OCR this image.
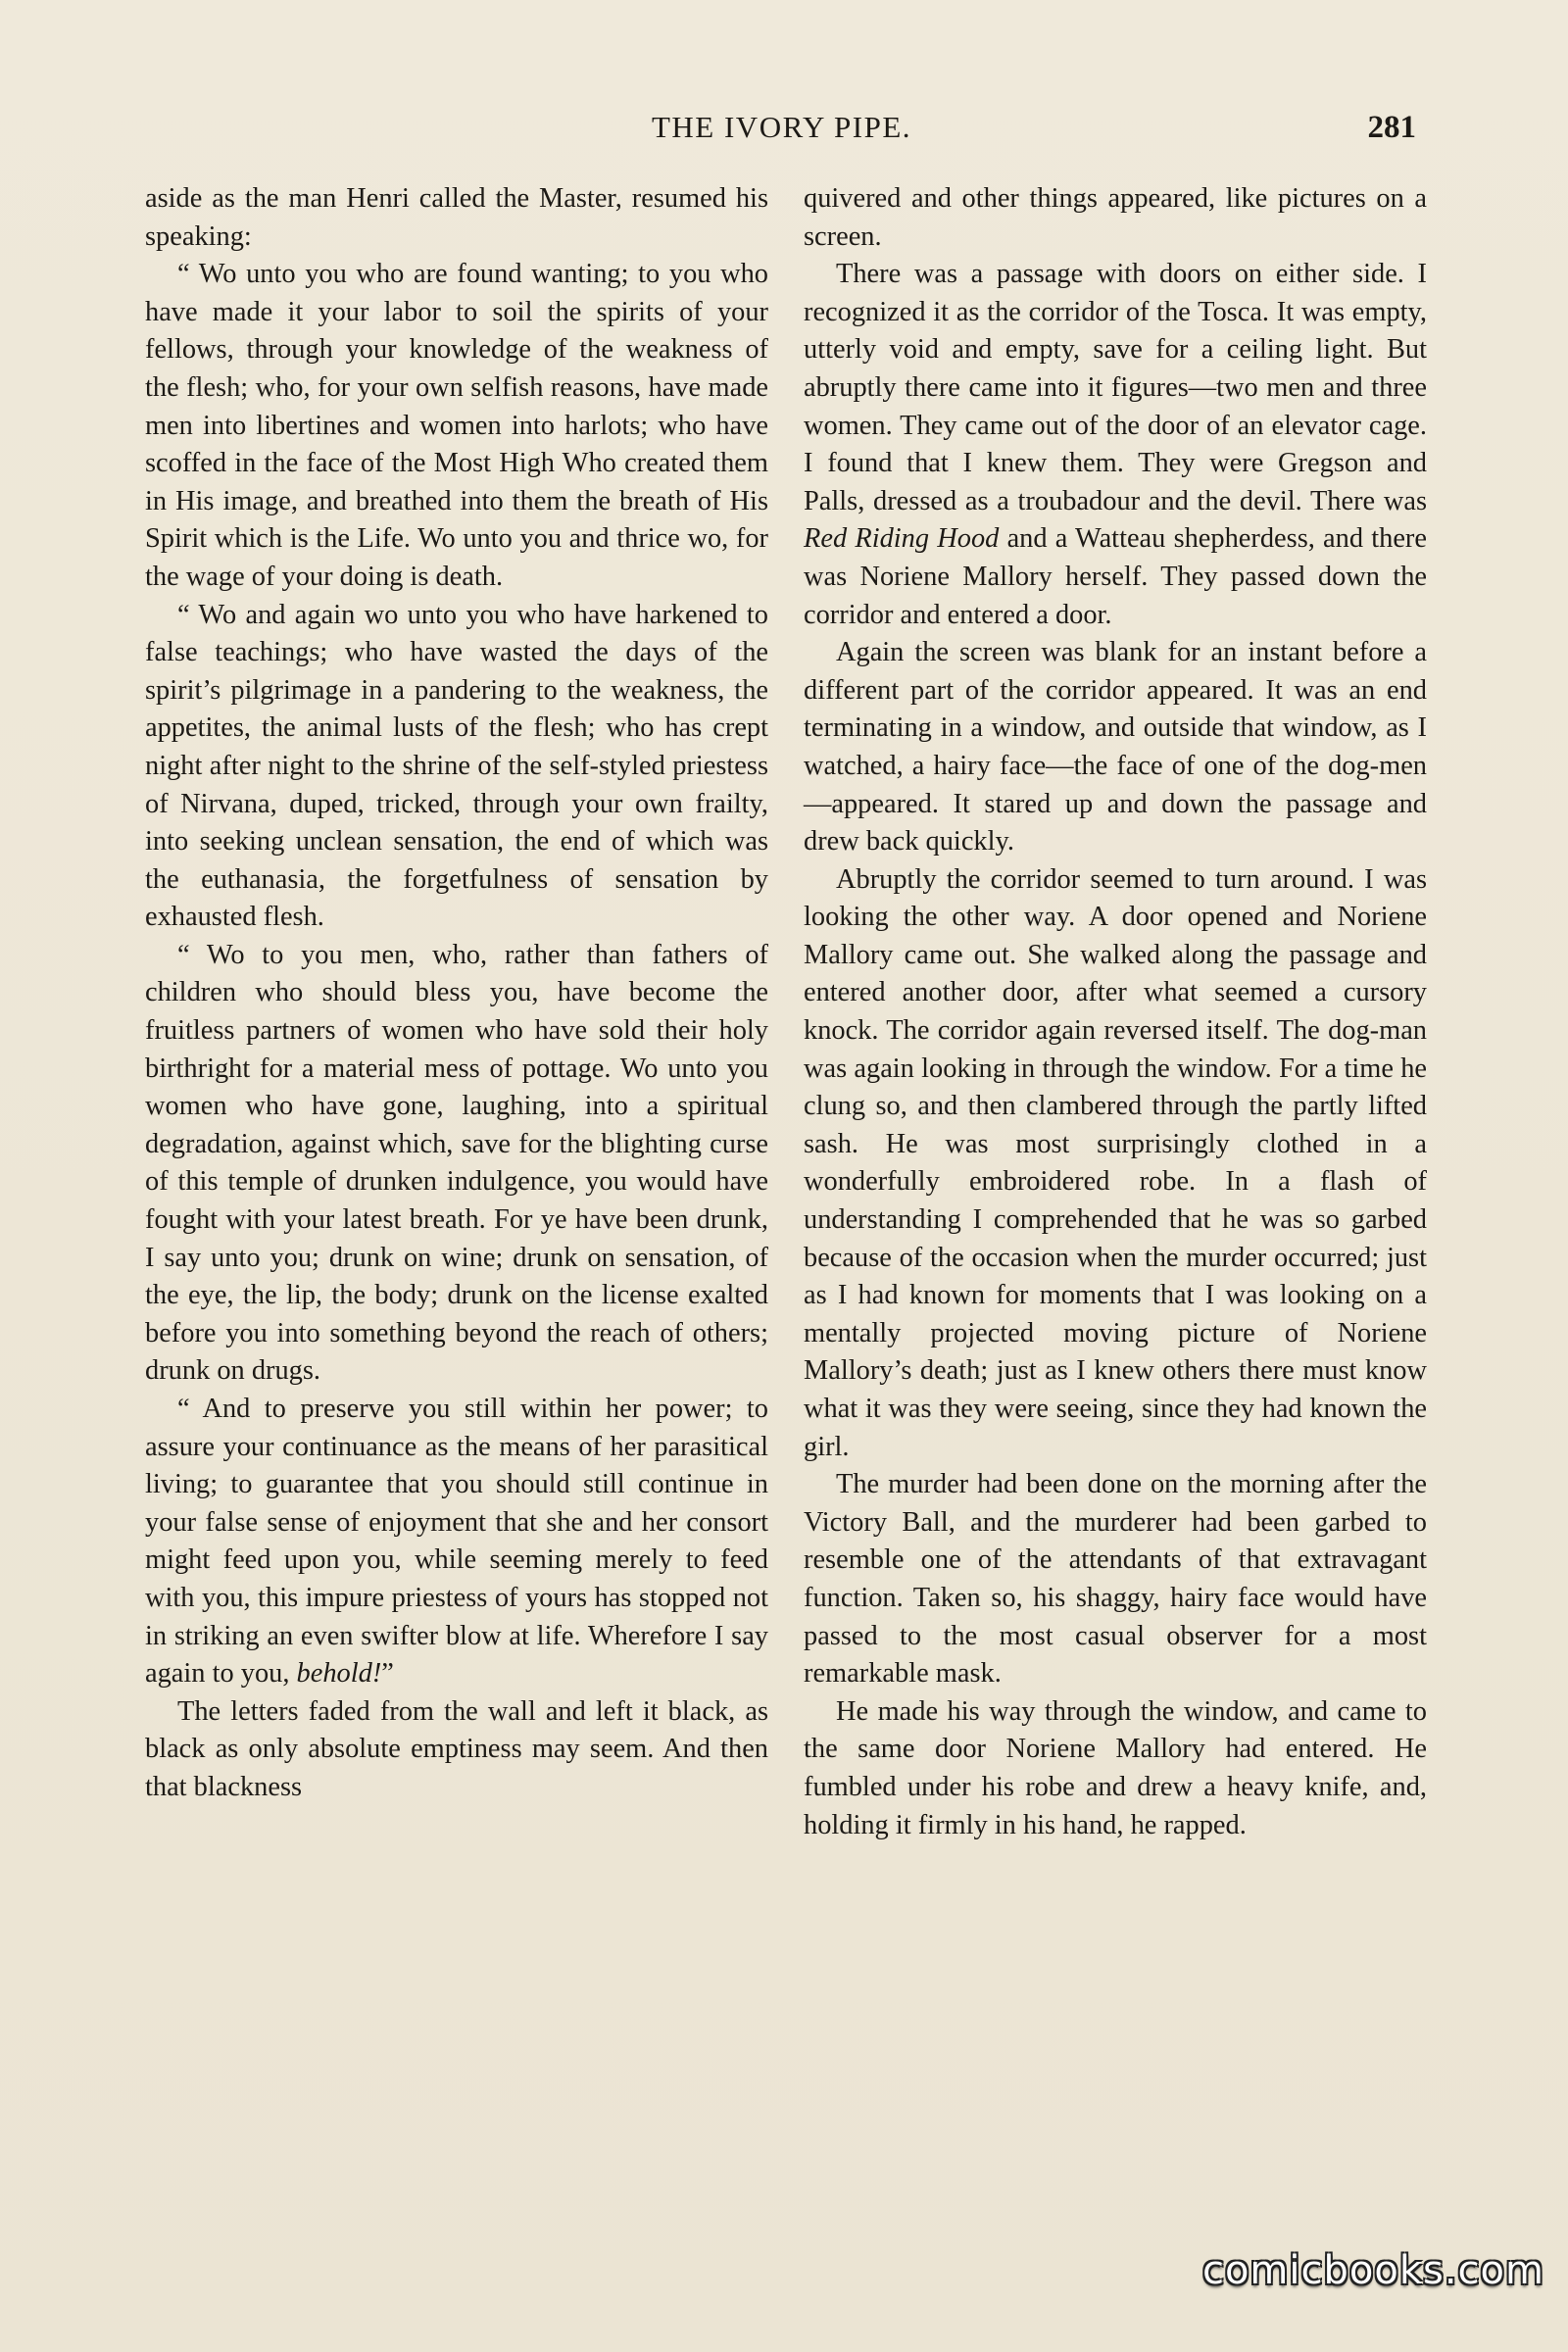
THE IVORY PIPE.	281

aside as the man Henri called the Master, resumed his speaking:

“ Wo unto you who are found wanting; to you who have made it your labor to soil the spirits of your fellows, through your knowledge of the weakness of the flesh; who, for your own selfish reasons, have made men into libertines and women into harlots; who have scoffed in the face of the Most High Who created them in His image, and breathed into them the breath of His Spirit which is the Life. Wo unto you and thrice wo, for the wage of your doing is death.

“ Wo and again wo unto you who have harkened to false teachings; who have wasted the days of the spirit’s pilgrimage in a pandering to the weakness, the appetites, the animal lusts of the flesh; who has crept night after night to the shrine of the self-styled priestess of Nirvana, duped, tricked, through your own frailty, into seeking unclean sensation, the end of which was the euthanasia, the forgetfulness of sensation by exhausted flesh.

“ Wo to you men, who, rather than fathers of children who should bless you, have become the fruitless partners of women who have sold their holy birthright for a material mess of pottage. Wo unto you women who have gone, laughing, into a spiritual degradation, against which, save for the blighting curse of this temple of drunken indulgence, you would have fought with your latest breath. For ye have been drunk, I say unto you; drunk on wine; drunk on sensation, of the eye, the lip, the body; drunk on the license exalted before you into something beyond the reach of others; drunk on drugs.

“ And to preserve you still within her power; to assure your continuance as the means of her parasitical living; to guarantee that you should still continue in your false sense of enjoyment that she and her consort might feed upon you, while seeming merely to feed with you, this impure priestess of yours has stopped not in striking an even swifter blow at life. Wherefore I say again to you, behold!”

The letters faded from the wall and left it black, as black as only absolute emptiness may seem. And then that blackness

quivered and other things appeared, like pictures on a screen.

There was a passage with doors on either side. I recognized it as the corridor of the Tosca. It was empty, utterly void and empty, save for a ceiling light. But abruptly there came into it figures—two men and three women. They came out of the door of an elevator cage. I found that I knew them. They were Gregson and Palls, dressed as a troubadour and the devil. There was Red Riding Hood and a Watteau shepherdess, and there was Noriene Mallory herself. They passed down the corridor and entered a door.

Again the screen was blank for an instant before a different part of the corridor appeared. It was an end terminating in a window, and outside that window, as I watched, a hairy face—the face of one of the dog-men—appeared. It stared up and down the passage and drew back quickly.

Abruptly the corridor seemed to turn around. I was looking the other way. A door opened and Noriene Mallory came out. She walked along the passage and entered another door, after what seemed a cursory knock. The corridor again reversed itself. The dog-man was again looking in through the window. For a time he clung so, and then clambered through the partly lifted sash. He was most surprisingly clothed in a wonderfully embroidered robe. In a flash of understanding I comprehended that he was so garbed because of the occasion when the murder occurred; just as I had known for moments that I was looking on a mentally projected moving picture of Noriene Mallory’s death; just as I knew others there must know what it was they were seeing, since they had known the girl.

The murder had been done on the morning after the Victory Ball, and the murderer had been garbed to resemble one of the attendants of that extravagant function. Taken so, his shaggy, hairy face would have passed to the most casual observer for a most remarkable mask.

He made his way through the window, and came to the same door Noriene Mallory had entered. He fumbled under his robe and drew a heavy knife, and, holding it firmly in his hand, he rapped.

comicbooks.com
